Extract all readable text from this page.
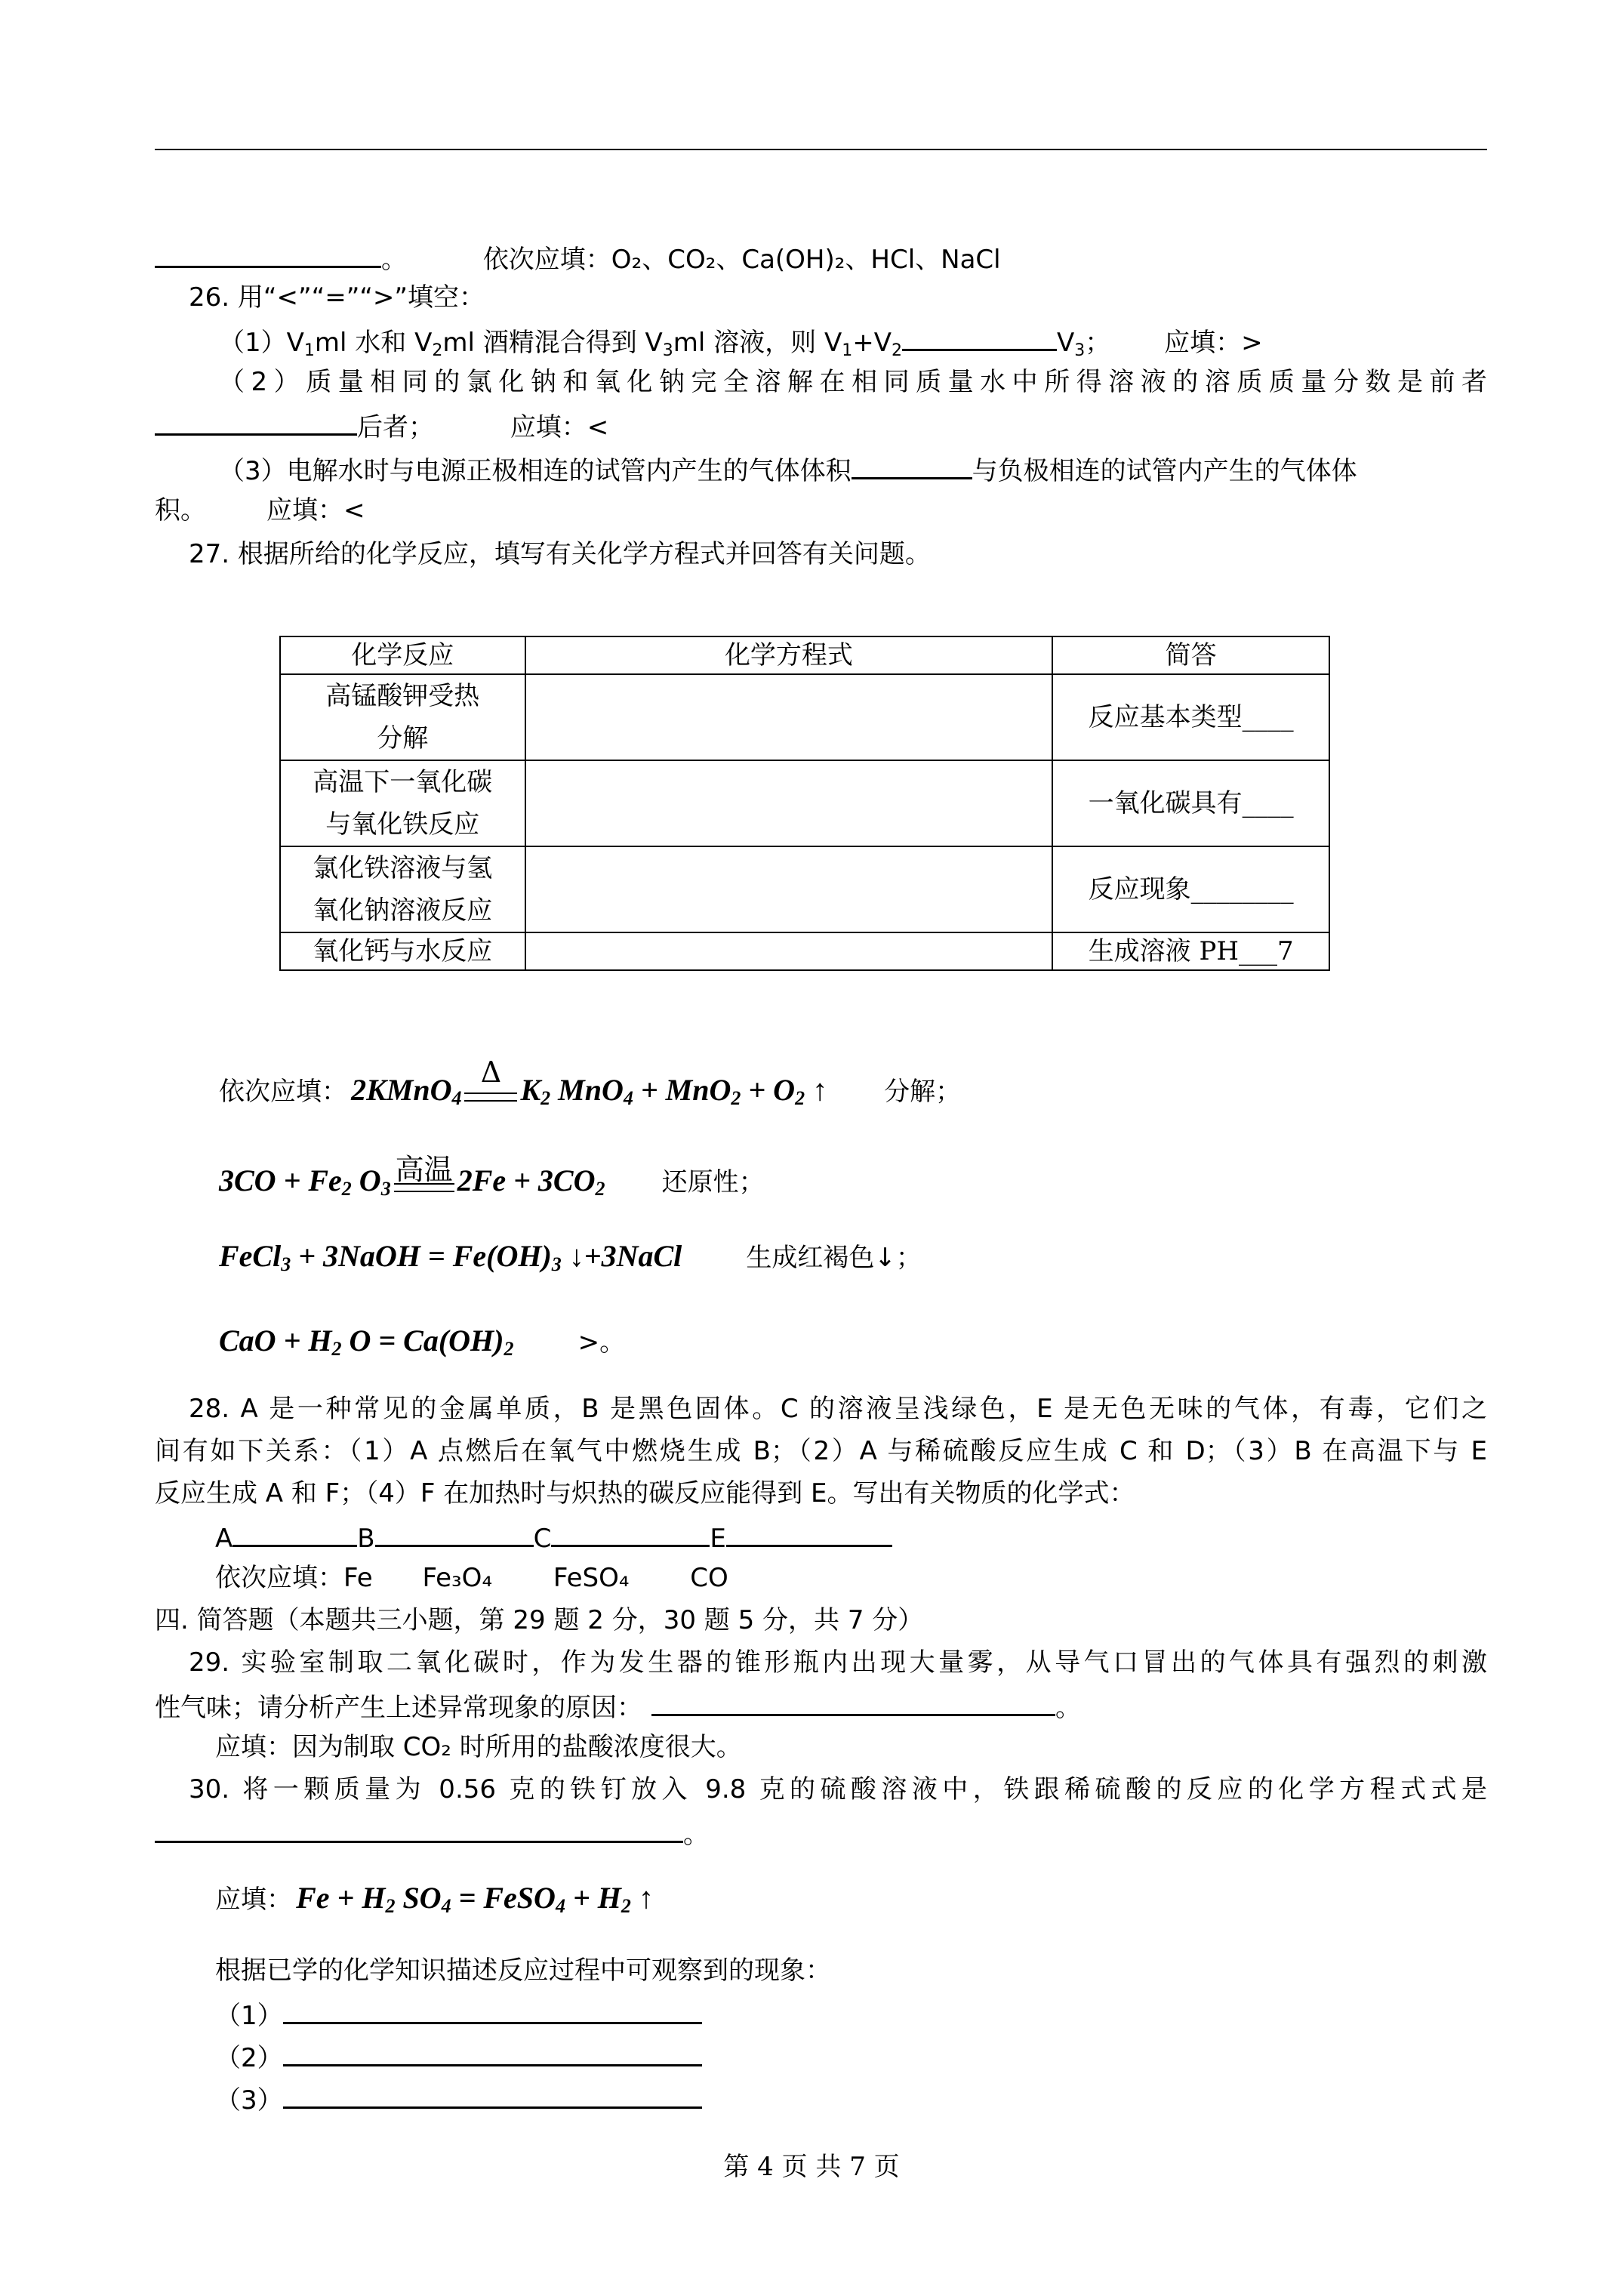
。	依次应填：O₂、CO₂、Ca(OH)₂、HCl、NaCl
26. 用“<”“=”“>”填空：
$(1)V_1ml$ 水和 $V_2ml$ 酒精混合得到 $V_3ml$ 溶液，则 $V_1+V_2$	$V_3$； 应填：>
（2）质量相同的氯化钠和氧化钠完全溶解在相同质量水中所得溶液的溶质质量分数是前者
后者；	应填：<
（3）电解水时与电源正极相连的试管内产生的气体体积	与负极相连的试管内产生的气体体
积。 应填：<
27. 根据所给的化学反应，填写有关化学方程式并回答有关问题。
化学反应	化学方程式	简答
高锰酸钾受热
分解		反应基本类型____
高温下一氧化碳
与氧化铁反应		一氧化碳具有____
氯化铁溶液与氢
氧化钠溶液反应		反应现象________
氧化钙与水反应		生成溶液 PH___7
依次应填： 2KMnO$_4$
Δ
$K_2$ $MnO_4 + MnO_2 + O_2$ ↑ 分解；
$3CO + Fe_2$ $O_3$
高温 $2Fe + 3CO_2$ 还原性；
FeCl$_3$ + 3NaOH = $Fe(OH)_3$ ↓+3NaCl	生成红褐色↓；
CaO + $H_2$ $O = Ca(OH)_2$	>。
28. A 是一种常见的金属单质，B 是黑色固体。C 的溶液呈浅绿色，E 是无色无味的气体，有毒，它们之
间有如下关系：（1）A 点燃后在氧气中燃烧生成 B；（2）A 与稀硫酸反应生成 C 和 D；（3）B 在高温下与 E
反应生成 A 和 F；（4）F 在加热时与炽热的碳反应能得到 E。写出有关物质的化学式：
A	B	C	E
依次应填：Fe Fe₃O₄ FeSO₄ CO
四. 简答题（本题共三小题，第 29 题 2 分，30 题 5 分，共 7 分）
29. 实验室制取二氧化碳时，作为发生器的锥形瓶内出现大量雾，从导气口冒出的气体具有强烈的刺激
性气味；请分析产生上述异常现象的原因：	。
应填：因为制取 CO₂ 时所用的盐酸浓度很大。
30. 将一颗质量为 0.56 克的铁钉放入 9.8 克的硫酸溶液中，铁跟稀硫酸的反应的化学方程式式是
。
应填： $Fe + H_2$ $SO_4$ = FeSO$_4$ + $H_2$ ↑
根据已学的化学知识描述反应过程中可观察到的现象：
（1）
（2）
（3）
第 4 页 共 7 页
